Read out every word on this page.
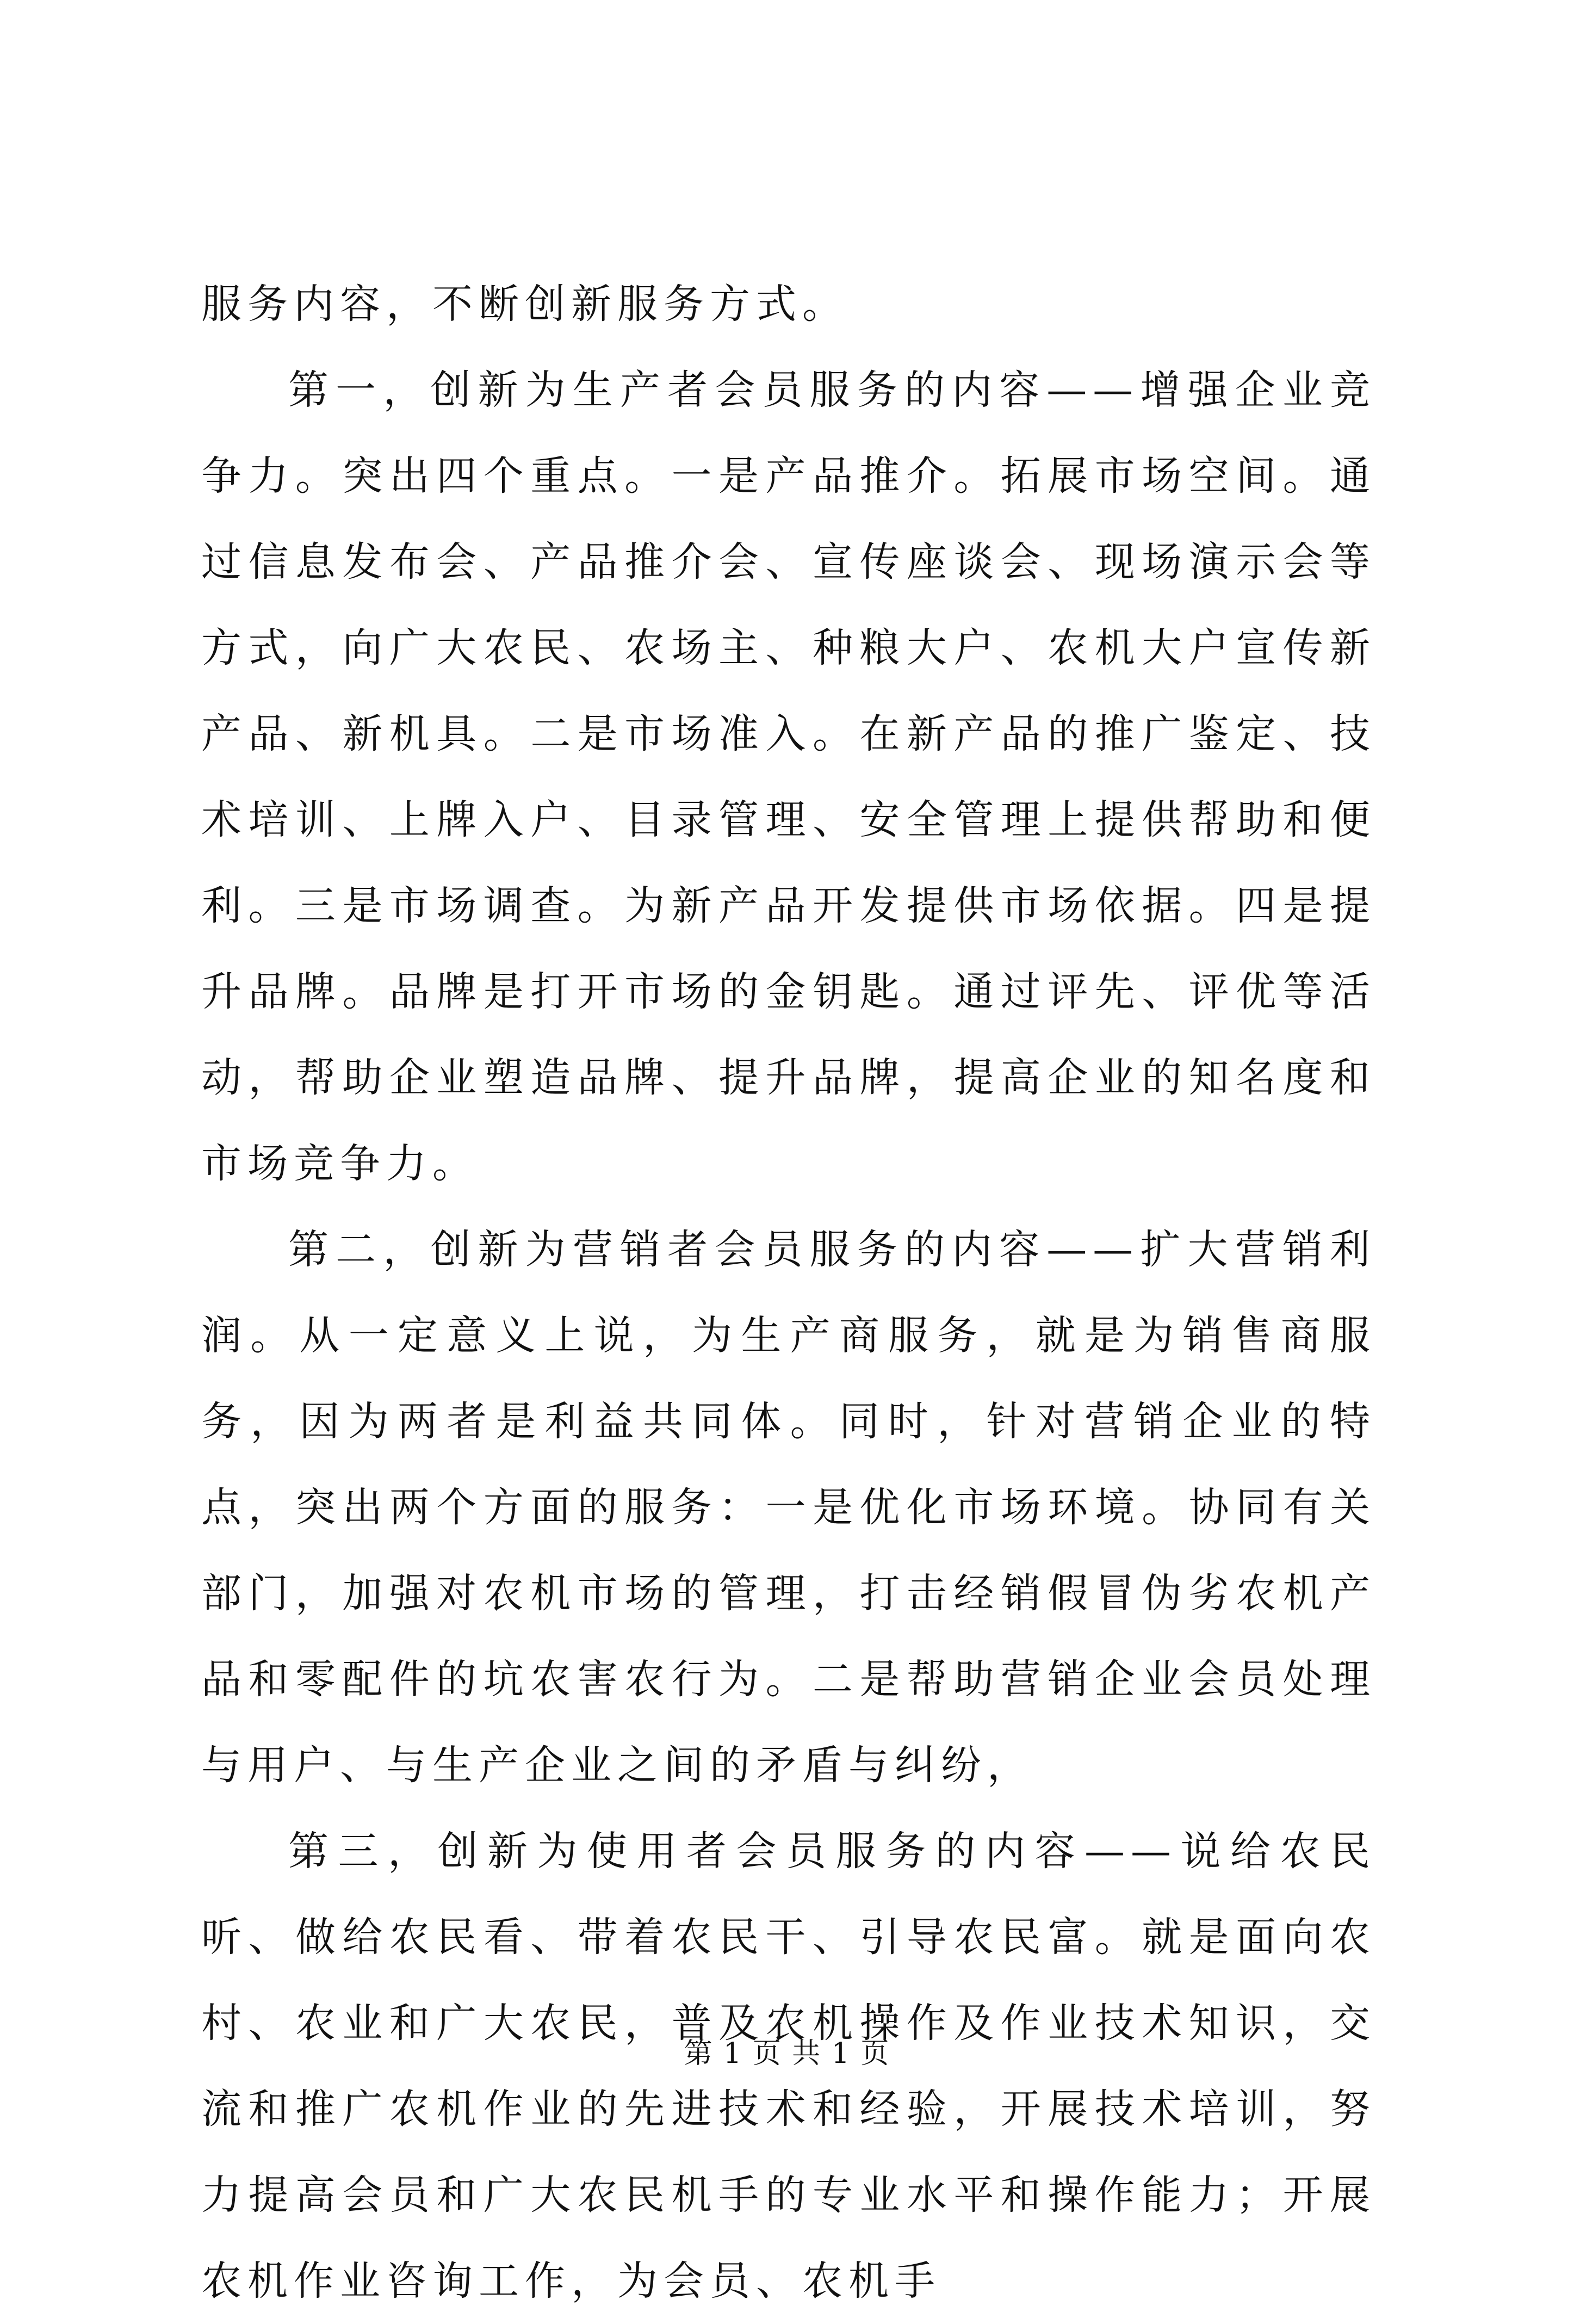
服务内容，不断创新服务方式。

第一，创新为生产者会员服务的内容——增强企业竞争力。突出四个重点。一是产品推介。拓展市场空间。通过信息发布会、产品推介会、宣传座谈会、现场演示会等方式，向广大农民、农场主、种粮大户、农机大户宣传新产品、新机具。二是市场准入。在新产品的推广鉴定、技术培训、上牌入户、目录管理、安全管理上提供帮助和便利。三是市场调查。为新产品开发提供市场依据。四是提升品牌。品牌是打开市场的金钥匙。通过评先、评优等活动，帮助企业塑造品牌、提升品牌，提高企业的知名度和市场竞争力。

第二，创新为营销者会员服务的内容——扩大营销利润。从一定意义上说，为生产商服务，就是为销售商服务，因为两者是利益共同体。同时，针对营销企业的特点，突出两个方面的服务：一是优化市场环境。协同有关部门，加强对农机市场的管理，打击经销假冒伪劣农机产品和零配件的坑农害农行为。二是帮助营销企业会员处理与用户、与生产企业之间的矛盾与纠纷，

第三，创新为使用者会员服务的内容——说给农民听、做给农民看、带着农民干、引导农民富。就是面向农村、农业和广大农民，普及农机操作及作业技术知识，交流和推广农机作业的先进技术和经验，开展技术培训，努力提高会员和广大农民机手的专业水平和操作能力；开展农机作业咨询工作，为会员、农机手

第 1 页 共 1 页
